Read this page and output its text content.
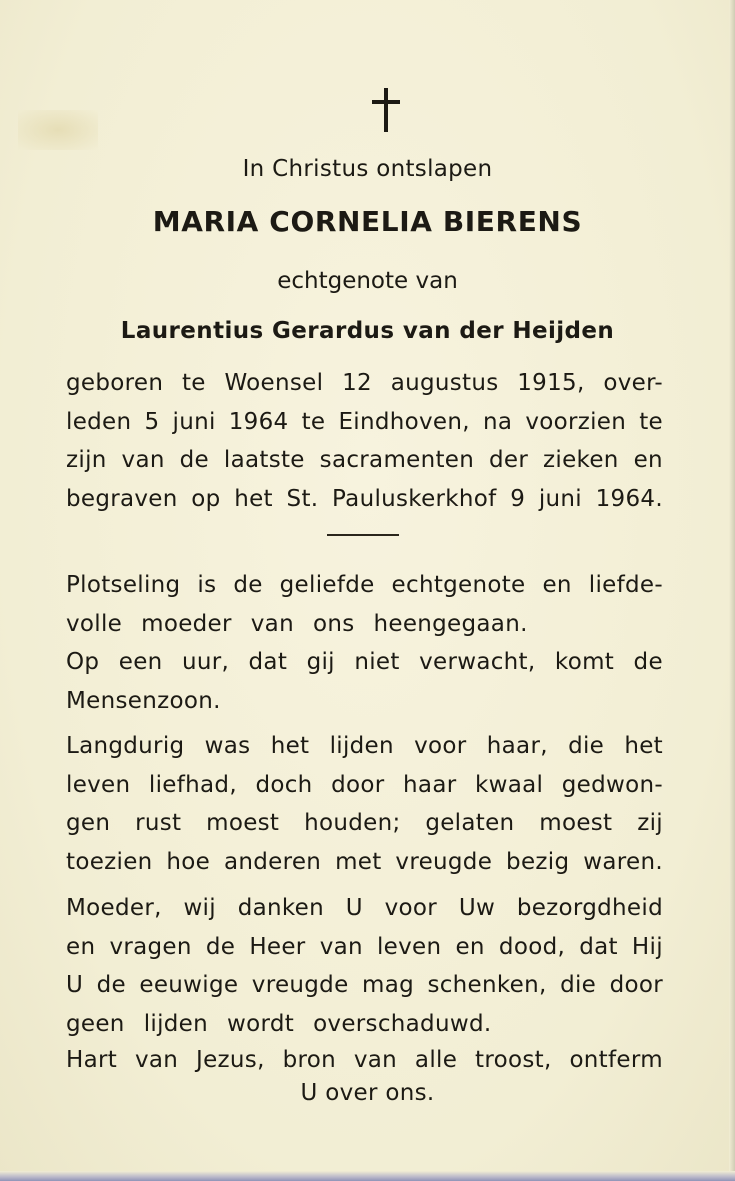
In Christus ontslapen
MARIA CORNELIA BIERENS
echtgenote van
Laurentius Gerardus van der Heijden
geboren te Woensel 12 augustus 1915, over-
leden 5 juni 1964 te Eindhoven, na voorzien te
zijn van de laatste sacramenten der zieken en
begraven op het St. Pauluskerkhof 9 juni 1964.
Plotseling is de geliefde echtgenote en liefde-
volle moeder van ons heengegaan.
Op een uur, dat gij niet verwacht, komt de
Mensenzoon.
Langdurig was het lijden voor haar, die het
leven liefhad, doch door haar kwaal gedwon-
gen rust moest houden; gelaten moest zij
toezien hoe anderen met vreugde bezig waren.
Moeder, wij danken U voor Uw bezorgdheid
en vragen de Heer van leven en dood, dat Hij
U de eeuwige vreugde mag schenken, die door
geen lijden wordt overschaduwd.
Hart van Jezus, bron van alle troost, ontferm
U over ons.
